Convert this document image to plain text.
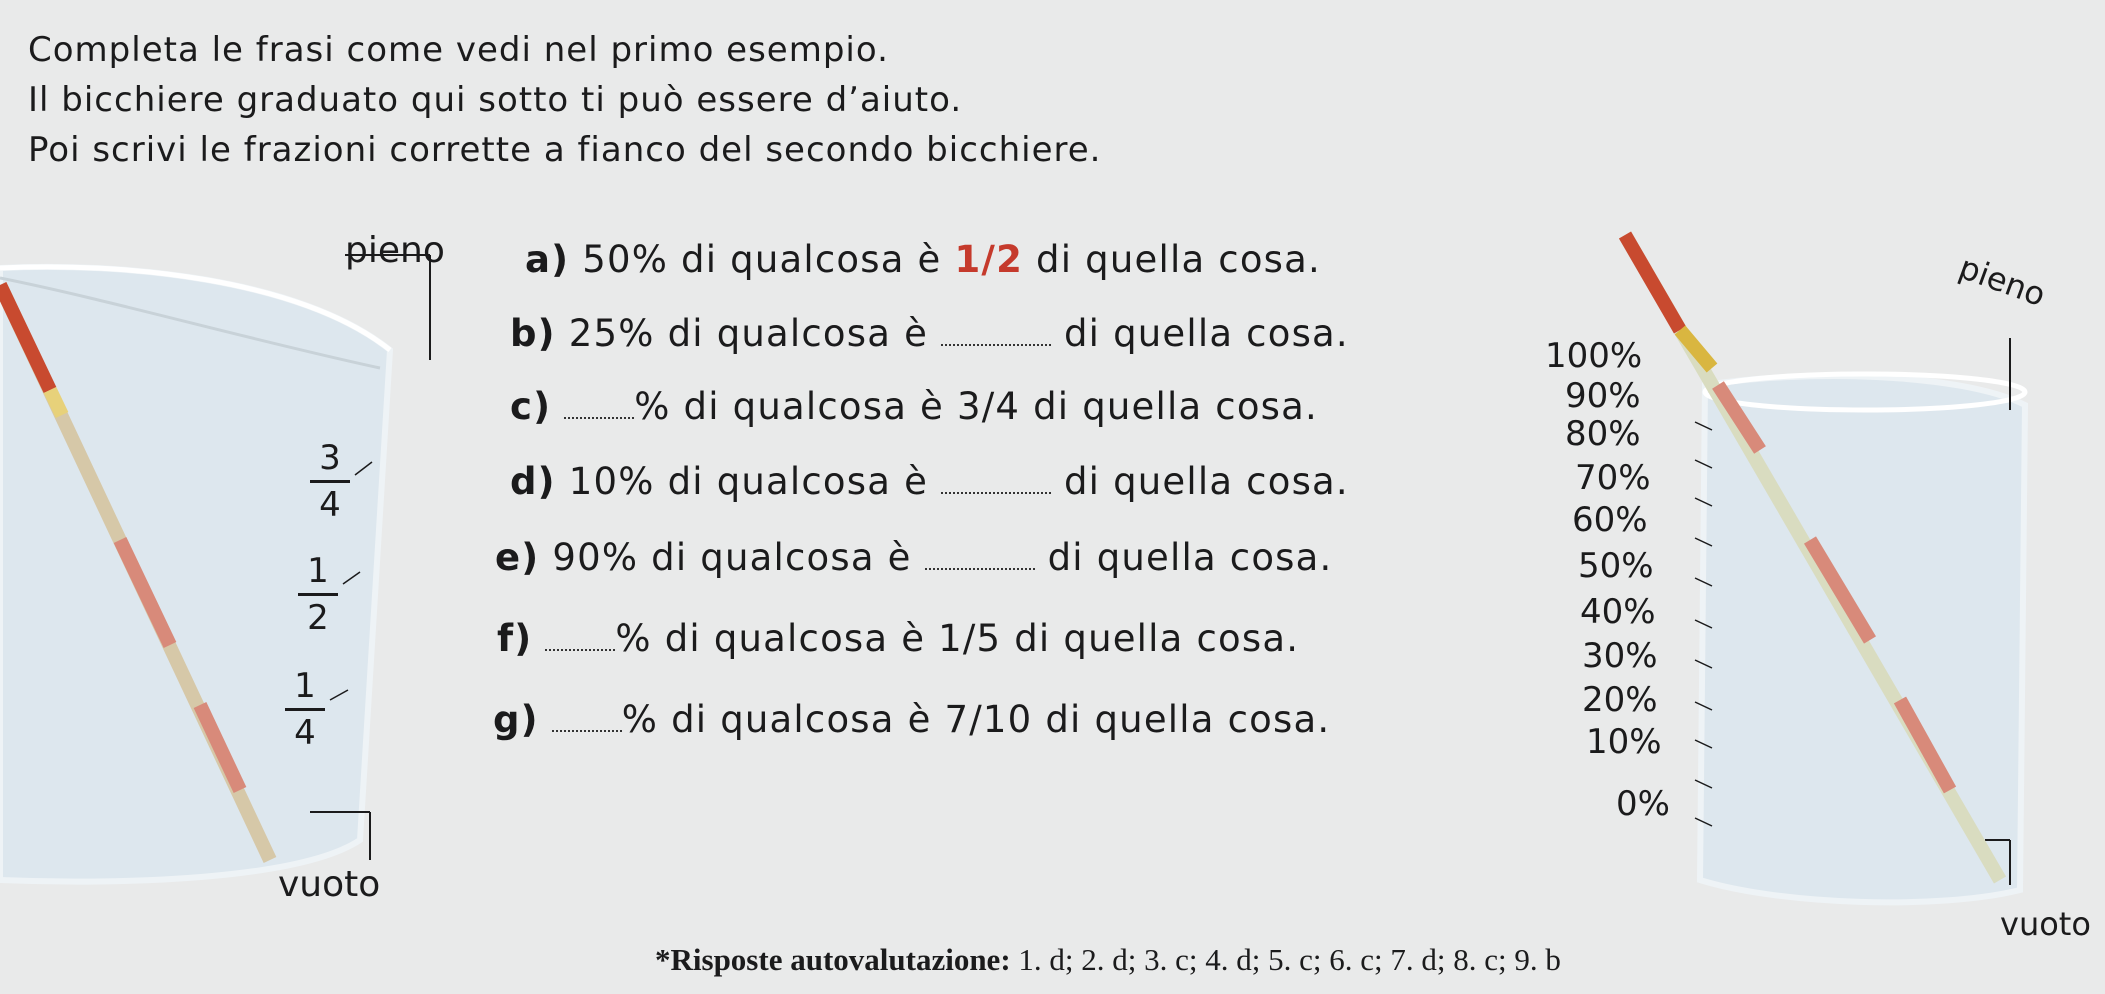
Completa le frasi come vedi nel primo esempio.
Il bicchiere graduato qui sotto ti può essere d’aiuto.
Poi scrivi le frazioni corrette a fianco del secondo bicchiere.
pieno
vuoto
3
4
1
2
1
4
a) 50% di qualcosa è 1/2 di quella cosa.
b) 25% di qualcosa è	di quella cosa.
c) % di qualcosa è 3/4 di quella cosa.
d) 10% di qualcosa è	di quella cosa.
e) 90% di qualcosa è	di quella cosa.
f) % di qualcosa è 1/5 di quella cosa.
g) % di qualcosa è 7/10 di quella cosa.
pieno
vuoto
100%
90%
80%
70%
60%
50%
40%
30%
20%
10%
0%
*Risposte autovalutazione: 1. d; 2. d; 3. c; 4. d; 5. c; 6. c; 7. d; 8. c; 9. b
